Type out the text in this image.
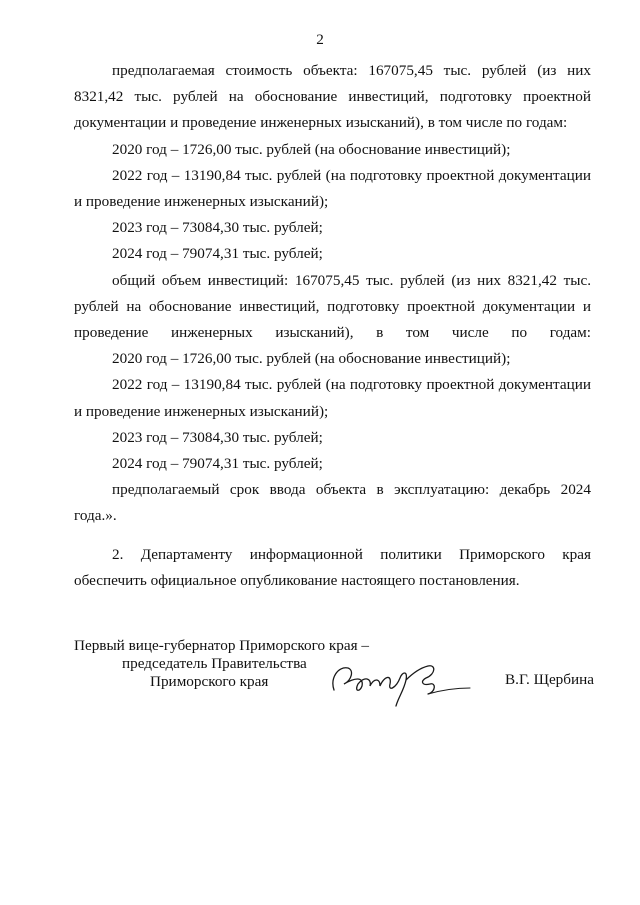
2

предполагаемая стоимость объекта: 167075,45 тыс. рублей (из них 8321,42 тыс. рублей на обоснование инвестиций, подготовку проектной документации и проведение инженерных изысканий), в том числе по годам:

2020 год – 1726,00 тыс. рублей (на обоснование инвестиций);

2022 год – 13190,84 тыс. рублей (на подготовку проектной документации и проведение инженерных изысканий);

2023 год – 73084,30 тыс. рублей;

2024 год – 79074,31 тыс. рублей;

общий объем инвестиций: 167075,45 тыс. рублей (из них 8321,42 тыс. рублей на обоснование инвестиций, подготовку проектной документации и проведение инженерных изысканий), в том числе по годам:

2020 год – 1726,00 тыс. рублей (на обоснование инвестиций);

2022 год – 13190,84 тыс. рублей (на подготовку проектной документации и проведение инженерных изысканий);

2023 год – 73084,30 тыс. рублей;

2024 год – 79074,31 тыс. рублей;

предполагаемый срок ввода объекта в эксплуатацию: декабрь 2024 года.».

2. Департаменту информационной политики Приморского края обеспечить официальное опубликование настоящего постановления.

Первый вице-губернатор Приморского края –
председатель Правительства
Приморского края	В.Г. Щербина
